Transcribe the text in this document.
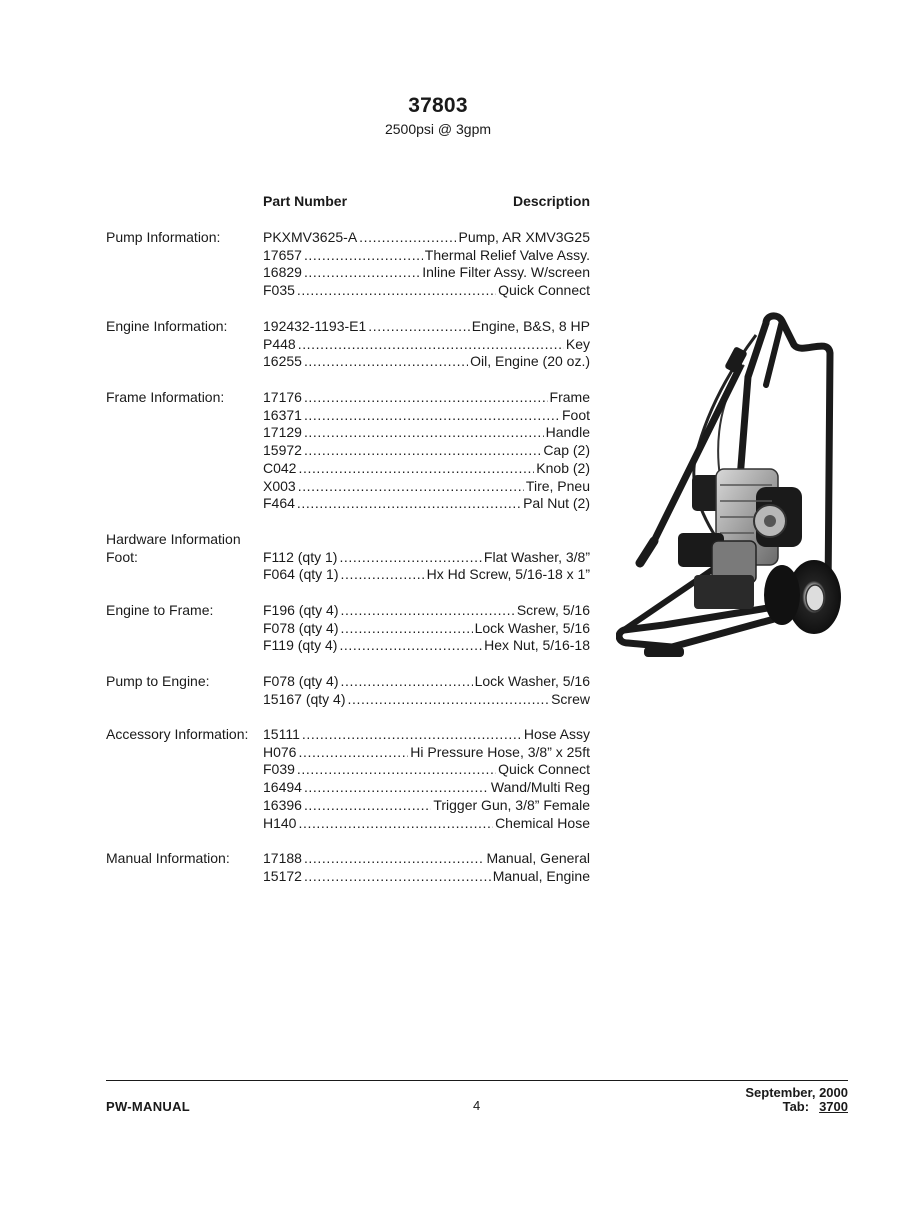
37803
2500psi @ 3gpm
Part Number	Description
Pump Information:	PKXMV3625-A .....	Pump, AR XMV3G25
17657 .....	Thermal Relief Valve Assy.
16829 .....	Inline Filter Assy. W/screen
F035 .....	Quick Connect
Engine Information:	192432-1193-E1 .....	Engine, B&S, 8 HP
P448 .....	Key
16255 .....	Oil, Engine (20 oz.)
Frame Information:	17176 .....	Frame
16371 .....	Foot
17129 .....	Handle
15972 .....	Cap (2)
C042 .....	Knob (2)
X003 .....	Tire, Pneu
F464 .....	Pal Nut (2)
Hardware Information
Foot:	F112 (qty 1) .....	Flat Washer, 3/8”
F064 (qty 1) .....	Hx Hd Screw, 5/16-18 x 1”
Engine to Frame:	F196 (qty 4) .....	Screw, 5/16
F078 (qty 4) .....	Lock Washer, 5/16
F119 (qty 4) .....	Hex Nut, 5/16-18
Pump to Engine:	F078 (qty 4) .....	Lock Washer, 5/16
15167 (qty 4) .....	Screw
Accessory Information: 15111 .....	Hose Assy
H076 .....	Hi Pressure Hose, 3/8” x 25ft
F039 .....	Quick Connect
16494 .....	Wand/Multi Reg
16396 .....	Trigger Gun, 3/8” Female
H140 .....	Chemical Hose
Manual Information: 17188 .....	Manual, General
15172 .....	Manual, Engine
PW-MANUAL	4
September, 2000
Tab: 3700
